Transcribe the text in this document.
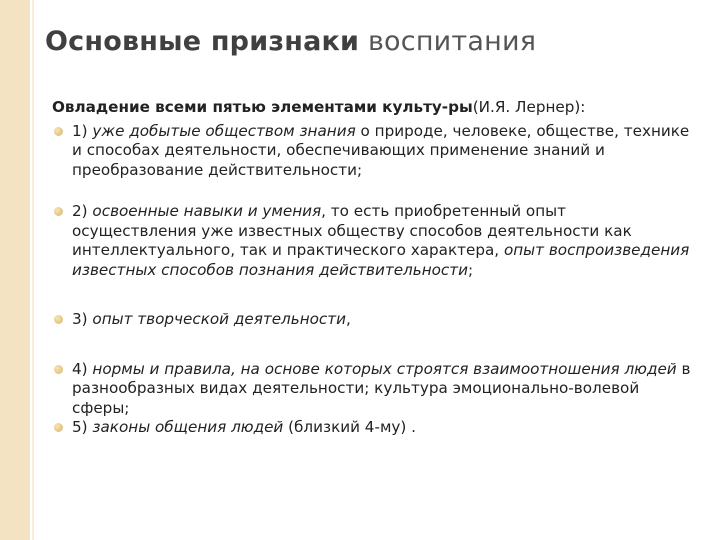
Основные признаки воспитания

Овладение всеми пятью элементами культу-ры(И.Я. Лернер):

1) уже добытые обществом знания о природе, человеке, обществе, технике и способах деятельности, обеспечивающих применение знаний и преобразование действительности;

2) освоенные навыки и умения, то есть приобретенный опыт осуществления уже известных обществу способов деятельности как интеллектуального, так и практического характера, опыт воспроизведения известных способов познания действительности;

3) опыт творческой деятельности,

4) нормы и правила, на основе которых строятся взаимоотношения людей в разнообразных видах деятельности; культура эмоционально-волевой сферы;

5) законы общения людей (близкий 4-му) .
